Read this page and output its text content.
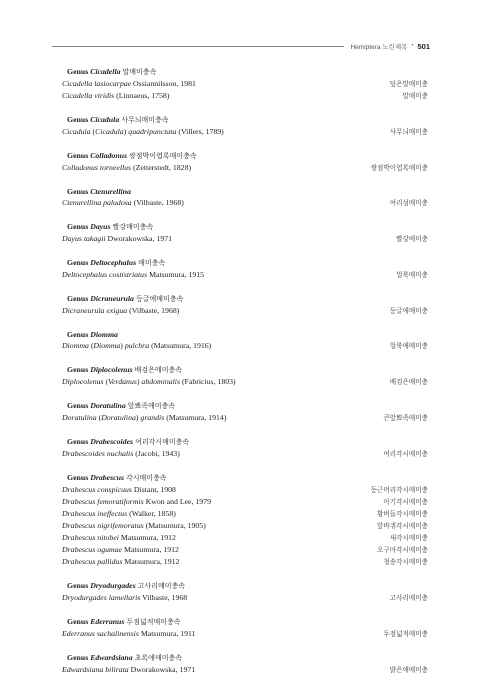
Hemiptera 노린재목 • 501
Genus Cicadella 말매미충속
Cicadella lasiocarpae Ossiannilsson, 1981	덮은말매미충
Cicadella viridis (Linnaeus, 1758)	말매미충
Genus Cicadula 사무늬매미충속
Cicadula (Cicadula) quadripunctata (Villers, 1789)	사무늬매미충
Genus Colladonus 쌍점박이엽록매미충속
Colladonus torneellus (Zetterstedt, 1828)	쌍점박이엽록매미충
Genus Ctenurellina
Ctenurellina paludosa (Vilbaste, 1968)	여리섬매미충
Genus Dayus 빨강매미충속
Dayus takagii Dworakowska, 1971	빨강매미충
Genus Deltocephalus 매미충속
Deltocephalus costistriatus Matsumura, 1915	얼룩매미충
Genus Dicraneurula 등글애매미충속
Dicraneurula exigua (Vilbaste, 1968)	등글애매미충
Genus Diomma
Diomma (Diomma) pulchra (Matsumura, 1916)	얼룩애매미충
Genus Diplocolenus 배검은매미충속
Diplocolenus (Verdanus) abdominalis (Fabricius, 1803)	배검은매미충
Genus Doratulina 앞뾰족매미충속
Doratulina (Doratulina) grandis (Matsumura, 1914)	큰앞뾰족매미충
Genus Drabescoides 여리각시매미충속
Drabescoides nuchalis (Jacobi, 1943)	여리각시매미충
Genus Drabescus 각시매미충속
Drabescus conspicuus Distant, 1908	등근머리각시매미충
Drabescus femoratiformis Kwon and Lee, 1979	아기각시매미충
Drabescus ineffectus (Walker, 1858)	황버들각시매미충
Drabescus nigrifemoratus (Matsumura, 1905)	앞바퀴각시매미충
Drabescus nitobei Matsumura, 1912	새각시매미충
Drabescus ogumae Matsumura, 1912	오구마각시매미충
Drabescus pallidus Matsumura, 1912	청송각시매미충
Genus Dryodurgades 고사리매미충속
Dryodurgades lamellaris Vilbaste, 1968	고사리매미충
Genus Ederranus 두점넓적매미충속
Ederranus sachalinensis Matsumura, 1911	두점넓적매미충
Genus Edwardsiana 초록애매미충속
Edwardsiana bilirata Dworakowska, 1971	밝은애매미충
